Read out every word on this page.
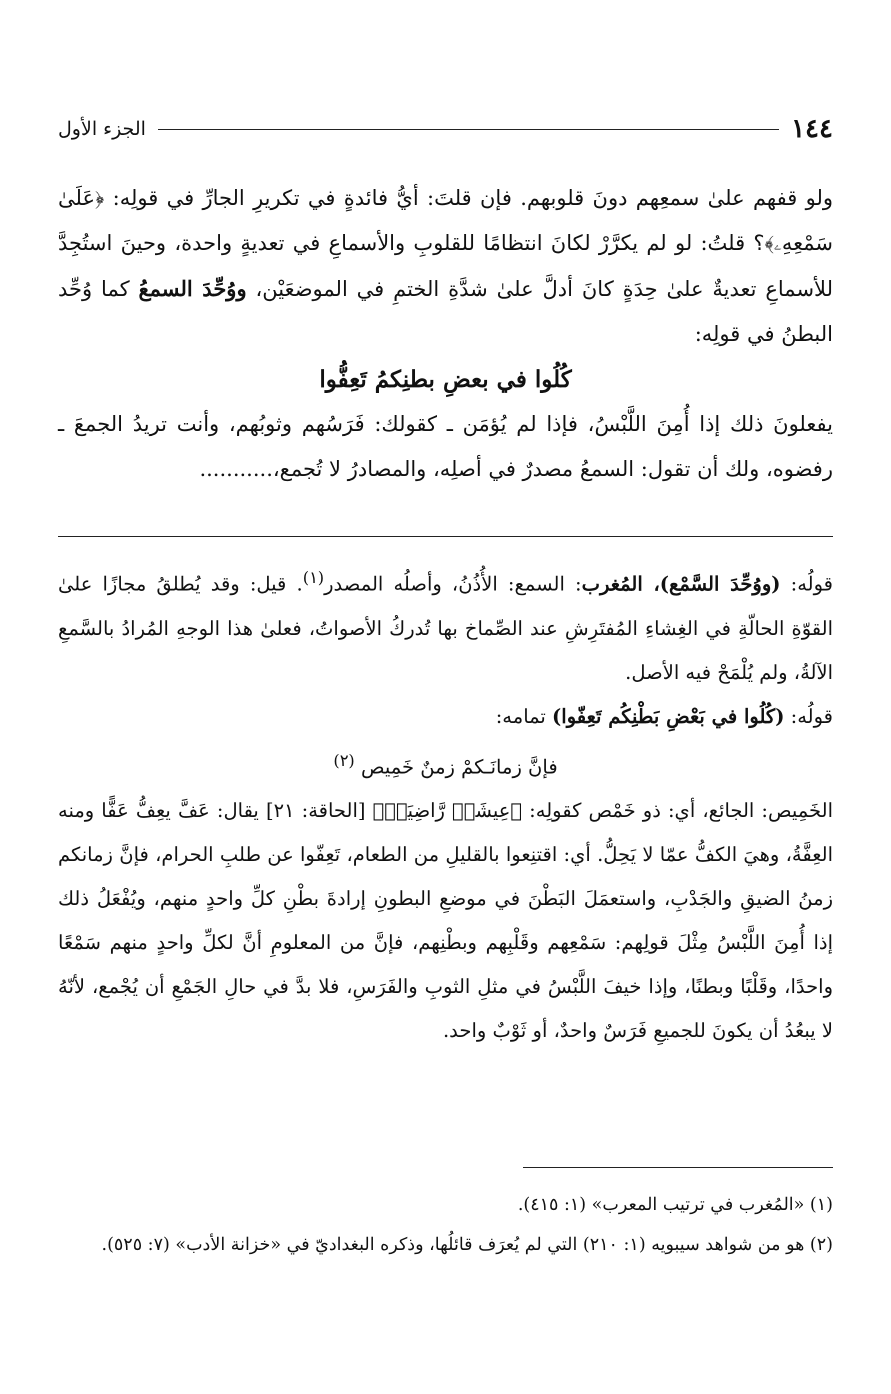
١٤٤
الجزء الأول

ولو قفهم علىٰ سمعِهم دونَ قلوبهم. فإن قلتَ: أيُّ فائدةٍ في تكريرِ الجارِّ في قولِه: ﴿عَلَىٰ سَمْعِهِۦ﴾؟ قلتُ: لو لم يكرَّرْ لكانَ انتظامًا للقلوبِ والأسماعِ في تعديةٍ واحدة، وحينَ استُجِدَّ للأسماعِ تعديةٌ علىٰ حِدَةٍ كانَ أدلَّ علىٰ شدَّةِ الختمِ في الموضعَيْن، ووُحِّدَ السمعُ كما وُحِّد البطنُ في قولِه:

كُلُوا في بعضِ بطنِكمُ تَعِفُّوا

يفعلونَ ذلك إذا أُمِنَ اللَّبْسُ، فإذا لم يُؤمَن ـ كقولك: فَرَسُهم وثوبُهم، وأنت تريدُ الجمعَ ـ رفضوه، ولك أن تقول: السمعُ مصدرٌ في أصلِه، والمصادرُ لا تُجمع،...........

قولُه: (ووُحِّدَ السَّمْع)، المُغرب: السمع: الأُذُنُ، وأصلُه المصدر$^{(١)}$. قيل: وقد يُطلقُ مجازًا علىٰ القوّةِ الحالّةِ في الغِشاءِ المُفتَرِشِ عند الصِّماخ بها تُدركُ الأصواتُ، فعلىٰ هذا الوجهِ المُرادُ بالسَّمعِ الآلةُ، ولم يُلْمَحْ فيه الأصل.

قولُه: (كُلُوا في بَعْضِ بَطْنِكُم تَعِفّوا) تمامه:

فإنَّ زمانَـكمْ زمنٌ خَمِيص $^{(٢)}$

الخَمِيص: الجائع، أي: ذو خَمْص كقولِه: ﴿عِيشَةٖ رَّاضِيَةٖ﴾ [الحاقة: ٢١] يقال: عَفَّ يعِفُّ عَفًّا ومنه العِفَّةُ، وهيَ الكفُّ عمّا لا يَحِلُّ. أي: اقتنِعوا بالقليلِ من الطعام، تَعِفّوا عن طلبِ الحرام، فإنَّ زمانكم زمنُ الضيقِ والجَدْبِ، واستعمَلَ البَطْنَ في موضعِ البطونِ إرادةَ بطْنِ كلِّ واحدٍ منهم، ويُفْعَلُ ذلك إذا أُمِنَ اللَّبْسُ مِثْلَ قولِهم: سَمْعِهم وقَلْبِهم وبطْنِهم، فإنَّ من المعلومِ أنَّ لكلِّ واحدٍ منهم سَمْعًا واحدًا، وقَلْبًا وبطنًا، وإذا خيفَ اللَّبْسُ في مثلِ الثوبِ والفَرَسِ، فلا بدَّ في حالِ الجَمْعِ أن يُجْمع، لأنّهُ لا يبعُدُ أن يكونَ للجميعِ فَرَسٌ واحدٌ، أو ثَوْبٌ واحد.

(١) «المُغرب في ترتيب المعرب» (١: ٤١٥).

(٢) هو من شواهد سيبويه (١: ٢١٠) التي لم يُعرَف قائلُها، وذكره البغداديّ في «خزانة الأدب» (٧: ٥٢٥).
